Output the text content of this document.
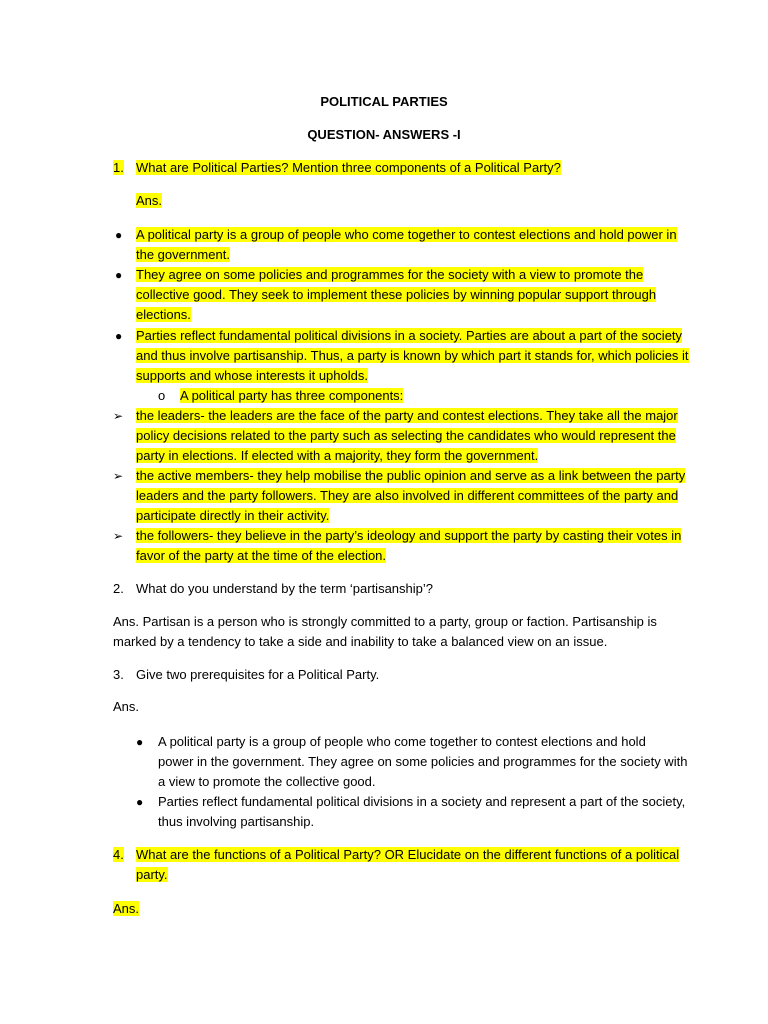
POLITICAL PARTIES
QUESTION- ANSWERS -I
1. What are Political Parties? Mention three components of a Political Party?
Ans.
● A political party is a group of people who come together to contest elections and hold power in
the government.
● They agree on some policies and programmes for the society with a view to promote the
collective good. They seek to implement these policies by winning popular support through
elections.
● Parties reflect fundamental political divisions in a society. Parties are about a part of the society
and thus involve partisanship. Thus, a party is known by which part it stands for, which policies it
supports and whose interests it upholds.
o A political party has three components:
➢ the leaders- the leaders are the face of the party and contest elections. They take all the major
policy decisions related to the party such as selecting the candidates who would represent the
party in elections. If elected with a majority, they form the government.
➢ the active members- they help mobilise the public opinion and serve as a link between the party
leaders and the party followers. They are also involved in different committees of the party and
participate directly in their activity.
➢ the followers- they believe in the party’s ideology and support the party by casting their votes in
favor of the party at the time of the election.
2. What do you understand by the term ‘partisanship’?
Ans. Partisan is a person who is strongly committed to a party, group or faction. Partisanship is
marked by a tendency to take a side and inability to take a balanced view on an issue.
3. Give two prerequisites for a Political Party.
Ans.
● A political party is a group of people who come together to contest elections and hold
power in the government. They agree on some policies and programmes for the society with
a view to promote the collective good.
● Parties reflect fundamental political divisions in a society and represent a part of the society,
thus involving partisanship.
4. What are the functions of a Political Party? OR Elucidate on the different functions of a political
party.
Ans.
